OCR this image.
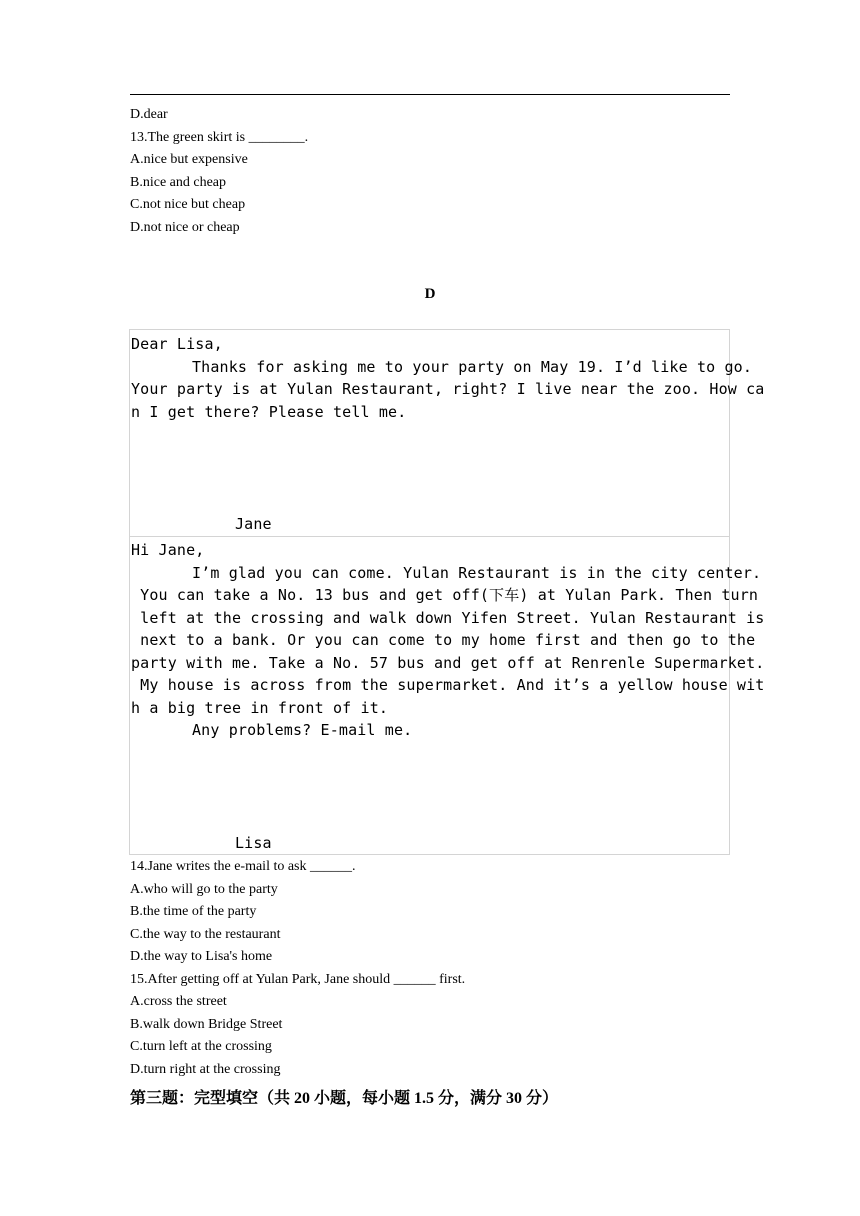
D.dear
13.The green skirt is ________.
A.nice but expensive
B.nice and cheap
C.not nice but cheap
D.not nice or cheap
D
Dear Lisa,
Thanks for asking me to your party on May 19. I’d like to go.
Your party is at Yulan Restaurant, right? I live near the zoo. How ca
n I get there? Please tell me.
Jane
Hi Jane,
I’m glad you can come. Yulan Restaurant is in the city center.
You can take a No. 13 bus and get off(下车) at Yulan Park. Then turn
left at the crossing and walk down Yifen Street. Yulan Restaurant is
next to a bank. Or you can come to my home first and then go to the
party with me. Take a No. 57 bus and get off at Renrenle Supermarket.
My house is across from the supermarket. And it’s a yellow house wit
h a big tree in front of it.
Any problems? E-mail me.
Lisa
14.Jane writes the e-mail to ask ______.
A.who will go to the party
B.the time of the party
C.the way to the restaurant
D.the way to Lisa's home
15.After getting off at Yulan Park, Jane should ______ first.
A.cross the street
B.walk down Bridge Street
C.turn left at the crossing
D.turn right at the crossing
第三题：完型填空（共 20 小题，每小题 1.5 分，满分 30 分）
